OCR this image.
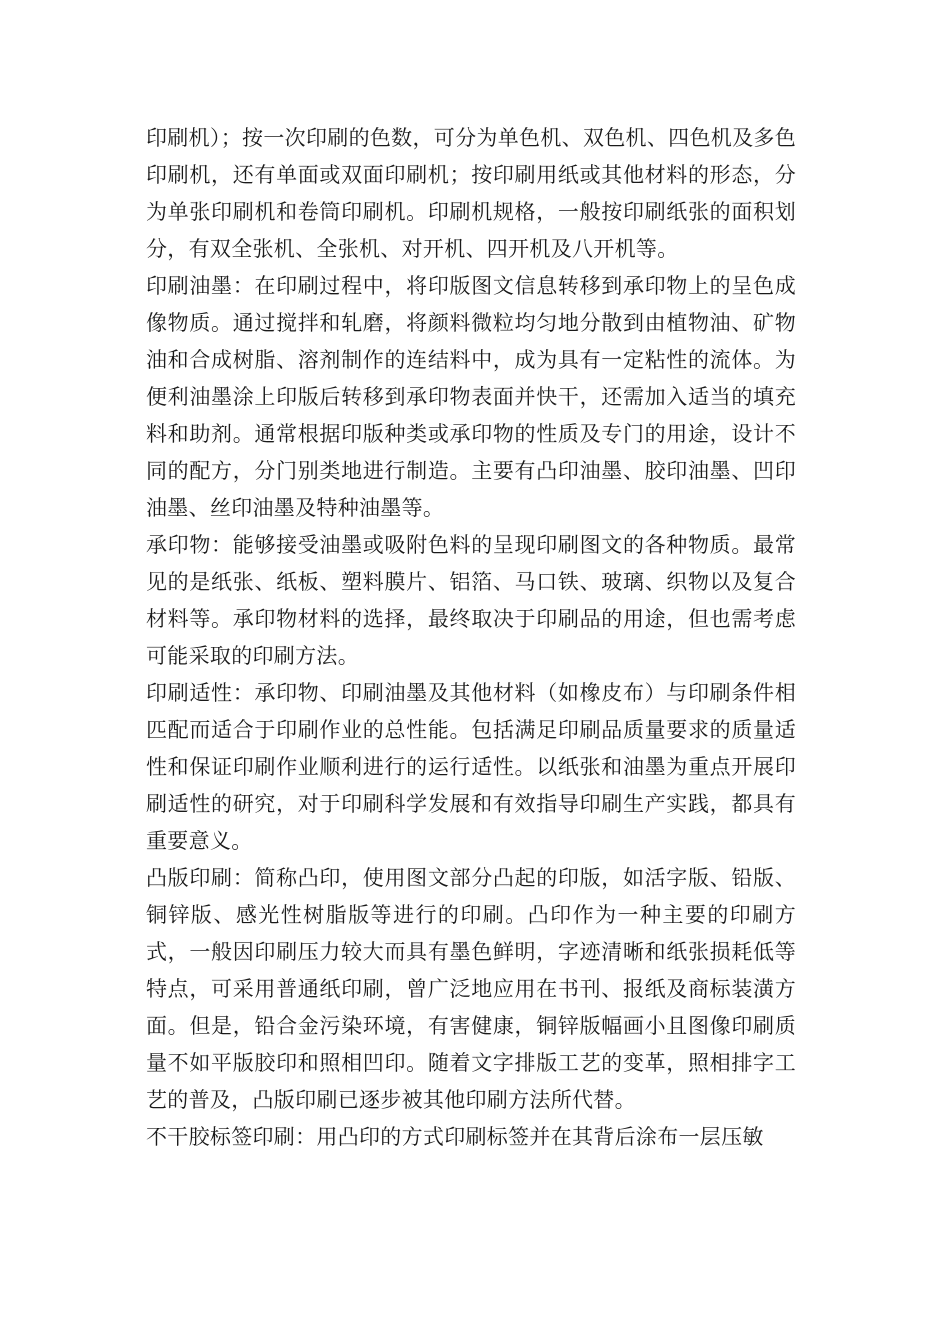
印刷机）；按一次印刷的色数，可分为单色机、双色机、四色机及多色印刷机，还有单面或双面印刷机；按印刷用纸或其他材料的形态，分为单张印刷机和卷筒印刷机。印刷机规格，一般按印刷纸张的面积划分，有双全张机、全张机、对开机、四开机及八开机等。

印刷油墨：在印刷过程中，将印版图文信息转移到承印物上的呈色成像物质。通过搅拌和轧磨，将颜料微粒均匀地分散到由植物油、矿物油和合成树脂、溶剂制作的连结料中，成为具有一定粘性的流体。为便利油墨涂上印版后转移到承印物表面并快干，还需加入适当的填充料和助剂。通常根据印版种类或承印物的性质及专门的用途，设计不同的配方，分门别类地进行制造。主要有凸印油墨、胶印油墨、凹印油墨、丝印油墨及特种油墨等。

承印物：能够接受油墨或吸附色料的呈现印刷图文的各种物质。最常见的是纸张、纸板、塑料膜片、铝箔、马口铁、玻璃、织物以及复合材料等。承印物材料的选择，最终取决于印刷品的用途，但也需考虑可能采取的印刷方法。

印刷适性：承印物、印刷油墨及其他材料（如橡皮布）与印刷条件相匹配而适合于印刷作业的总性能。包括满足印刷品质量要求的质量适性和保证印刷作业顺利进行的运行适性。以纸张和油墨为重点开展印刷适性的研究，对于印刷科学发展和有效指导印刷生产实践，都具有重要意义。

凸版印刷：简称凸印，使用图文部分凸起的印版，如活字版、铅版、铜锌版、感光性树脂版等进行的印刷。凸印作为一种主要的印刷方式，一般因印刷压力较大而具有墨色鲜明，字迹清晰和纸张损耗低等特点，可采用普通纸印刷，曾广泛地应用在书刊、报纸及商标装潢方面。但是，铅合金污染环境，有害健康，铜锌版幅画小且图像印刷质量不如平版胶印和照相凹印。随着文字排版工艺的变革，照相排字工艺的普及，凸版印刷已逐步被其他印刷方法所代替。

不干胶标签印刷：用凸印的方式印刷标签并在其背后涂布一层压敏
